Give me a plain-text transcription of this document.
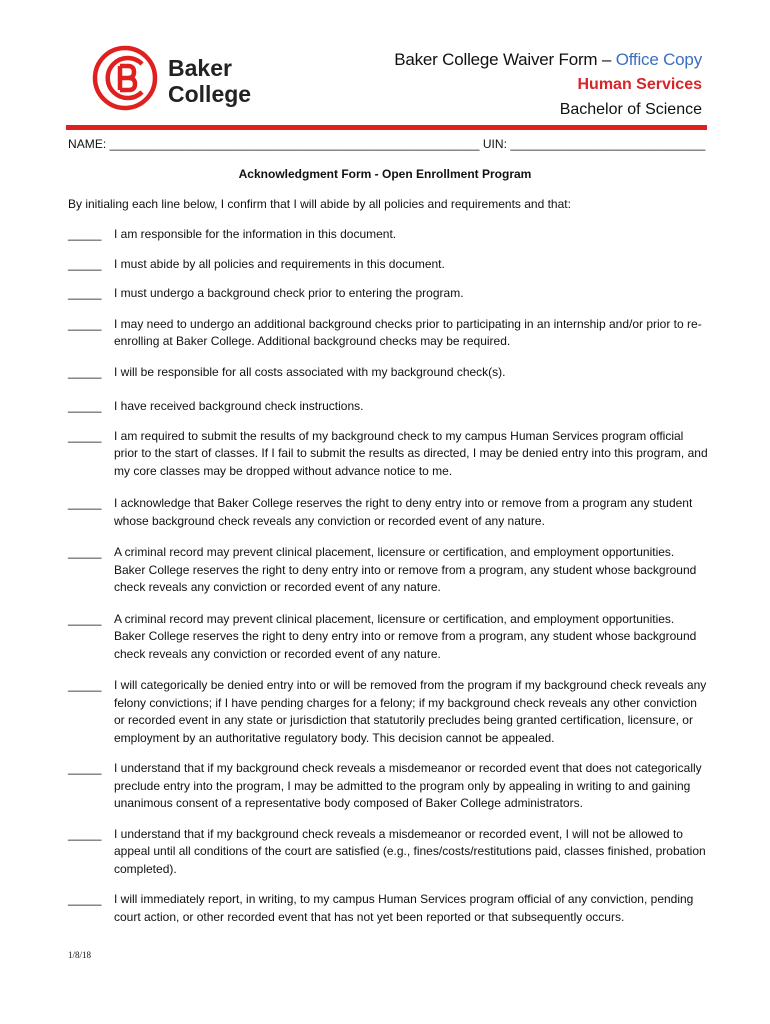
Baker
College
Baker College Waiver Form – Office Copy
Human Services
Bachelor of Science
NAME: _______________________________________________________ UIN: _____________________________
Acknowledgment Form - Open Enrollment Program
By initialing each line below, I confirm that I will abide by all policies and requirements and that:
_____ I am responsible for the information in this document.
_____ I must abide by all policies and requirements in this document.
_____ I must undergo a background check prior to entering the program.
_____ I may need to undergo an additional background checks prior to participating in an internship and/or prior to re-enrolling at Baker College. Additional background checks may be required.
_____ I will be responsible for all costs associated with my background check(s).
_____ I have received background check instructions.
_____ I am required to submit the results of my background check to my campus Human Services program official prior to the start of classes. If I fail to submit the results as directed, I may be denied entry into this program, and my core classes may be dropped without advance notice to me.
_____ I acknowledge that Baker College reserves the right to deny entry into or remove from a program any student whose background check reveals any conviction or recorded event of any nature.
_____ A criminal record may prevent clinical placement, licensure or certification, and employment opportunities. Baker College reserves the right to deny entry into or remove from a program, any student whose background check reveals any conviction or recorded event of any nature.
_____ A criminal record may prevent clinical placement, licensure or certification, and employment opportunities. Baker College reserves the right to deny entry into or remove from a program, any student whose background check reveals any conviction or recorded event of any nature.
_____ I will categorically be denied entry into or will be removed from the program if my background check reveals any felony convictions; if I have pending charges for a felony; if my background check reveals any other conviction or recorded event in any state or jurisdiction that statutorily precludes being granted certification, licensure, or employment by an authoritative regulatory body. This decision cannot be appealed.
_____ I understand that if my background check reveals a misdemeanor or recorded event that does not categorically preclude entry into the program, I may be admitted to the program only by appealing in writing to and gaining unanimous consent of a representative body composed of Baker College administrators.
_____ I understand that if my background check reveals a misdemeanor or recorded event, I will not be allowed to appeal until all conditions of the court are satisfied (e.g., fines/costs/restitutions paid, classes finished, probation completed).
_____ I will immediately report, in writing, to my campus Human Services program official of any conviction, pending court action, or other recorded event that has not yet been reported or that subsequently occurs.
1/8/18
